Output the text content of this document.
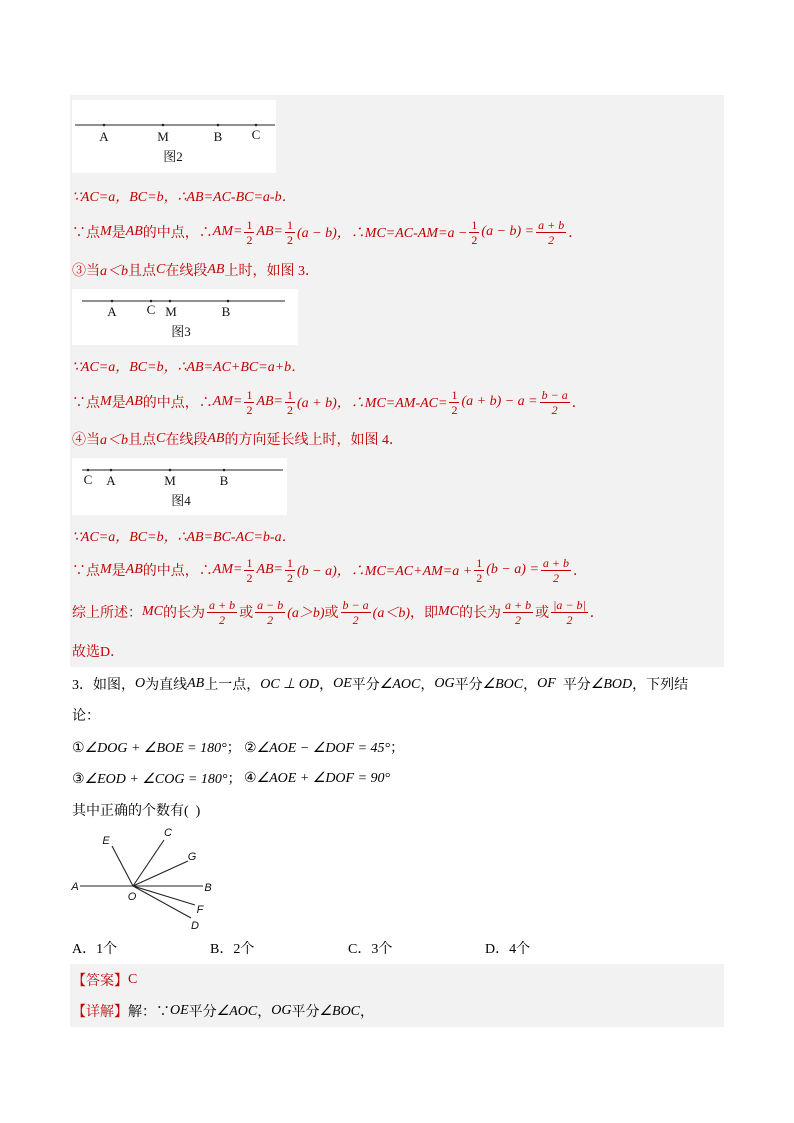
A	M	B C
图2
∵AC=a，BC=b，∴AB=AC-BC=a-b．
∵点 M 是 AB 的中点，∴ $AM= \frac{1}{2} AB= \frac{1}{2} (a - b)$，∴MC=AC-AM=a − $\frac{1}{2} (a - b) = \frac{a + b}{2}$ ．
③当 a＜b 且点 C 在线段 AB 上时，如图 3．
A C M	B
图3
∵AC=a，BC=b，∴AB=AC+BC=a+b．
∵点 M 是 AB 的中点，∴ $AM= \frac{1}{2} AB= \frac{1}{2} (a + b)$，∴MC=AM-AC= $\frac{1}{2} (a + b) - a = \frac{b - a}{2}$ ．
④当 a＜b 且点 C 在线段 AB 的方向延长线上时，如图 4．
C A	M	B
图4
∵AC=a，BC=b，∴AB=BC-AC=b-a．
∵点 M 是 AB 的中点，∴ $AM= \frac{1}{2} AB= \frac{1}{2} (b - a)$，∴MC=AC+AM=a + $\frac{1}{2} (b - a) = \frac{a + b}{2}$ ．
综上所述： MC 的长为 $\frac{a + b}{2}$ 或 $\frac{a - b}{2} (a>b)$ 或 $\frac{b - a}{2} (a<b)$ ，即 MC 的长为 $\frac{a + b}{2}$ 或 $\frac{|a - b|}{2}$ ．
故选D．
3．如图， O 为直线 AB 上一点， OC ⊥ OD ， OE 平分 ∠AOC ， OG 平分 ∠BOC ， OF 平分 ∠BOD ，下列结
论：
①∠DOG + ∠BOE = 180°； ②∠AOE − ∠DOF = 45°；
③∠EOD + ∠COG = 180°； ④∠AOE + ∠DOF = 90°
其中正确的个数有(  )
A
E
C
G
B
O
F
D
A．1个	B．2个	C．3个	D．4个
【答案】 C
【详解】 解：∵ OE 平分 ∠AOC ， OG 平分 ∠BOC ，
